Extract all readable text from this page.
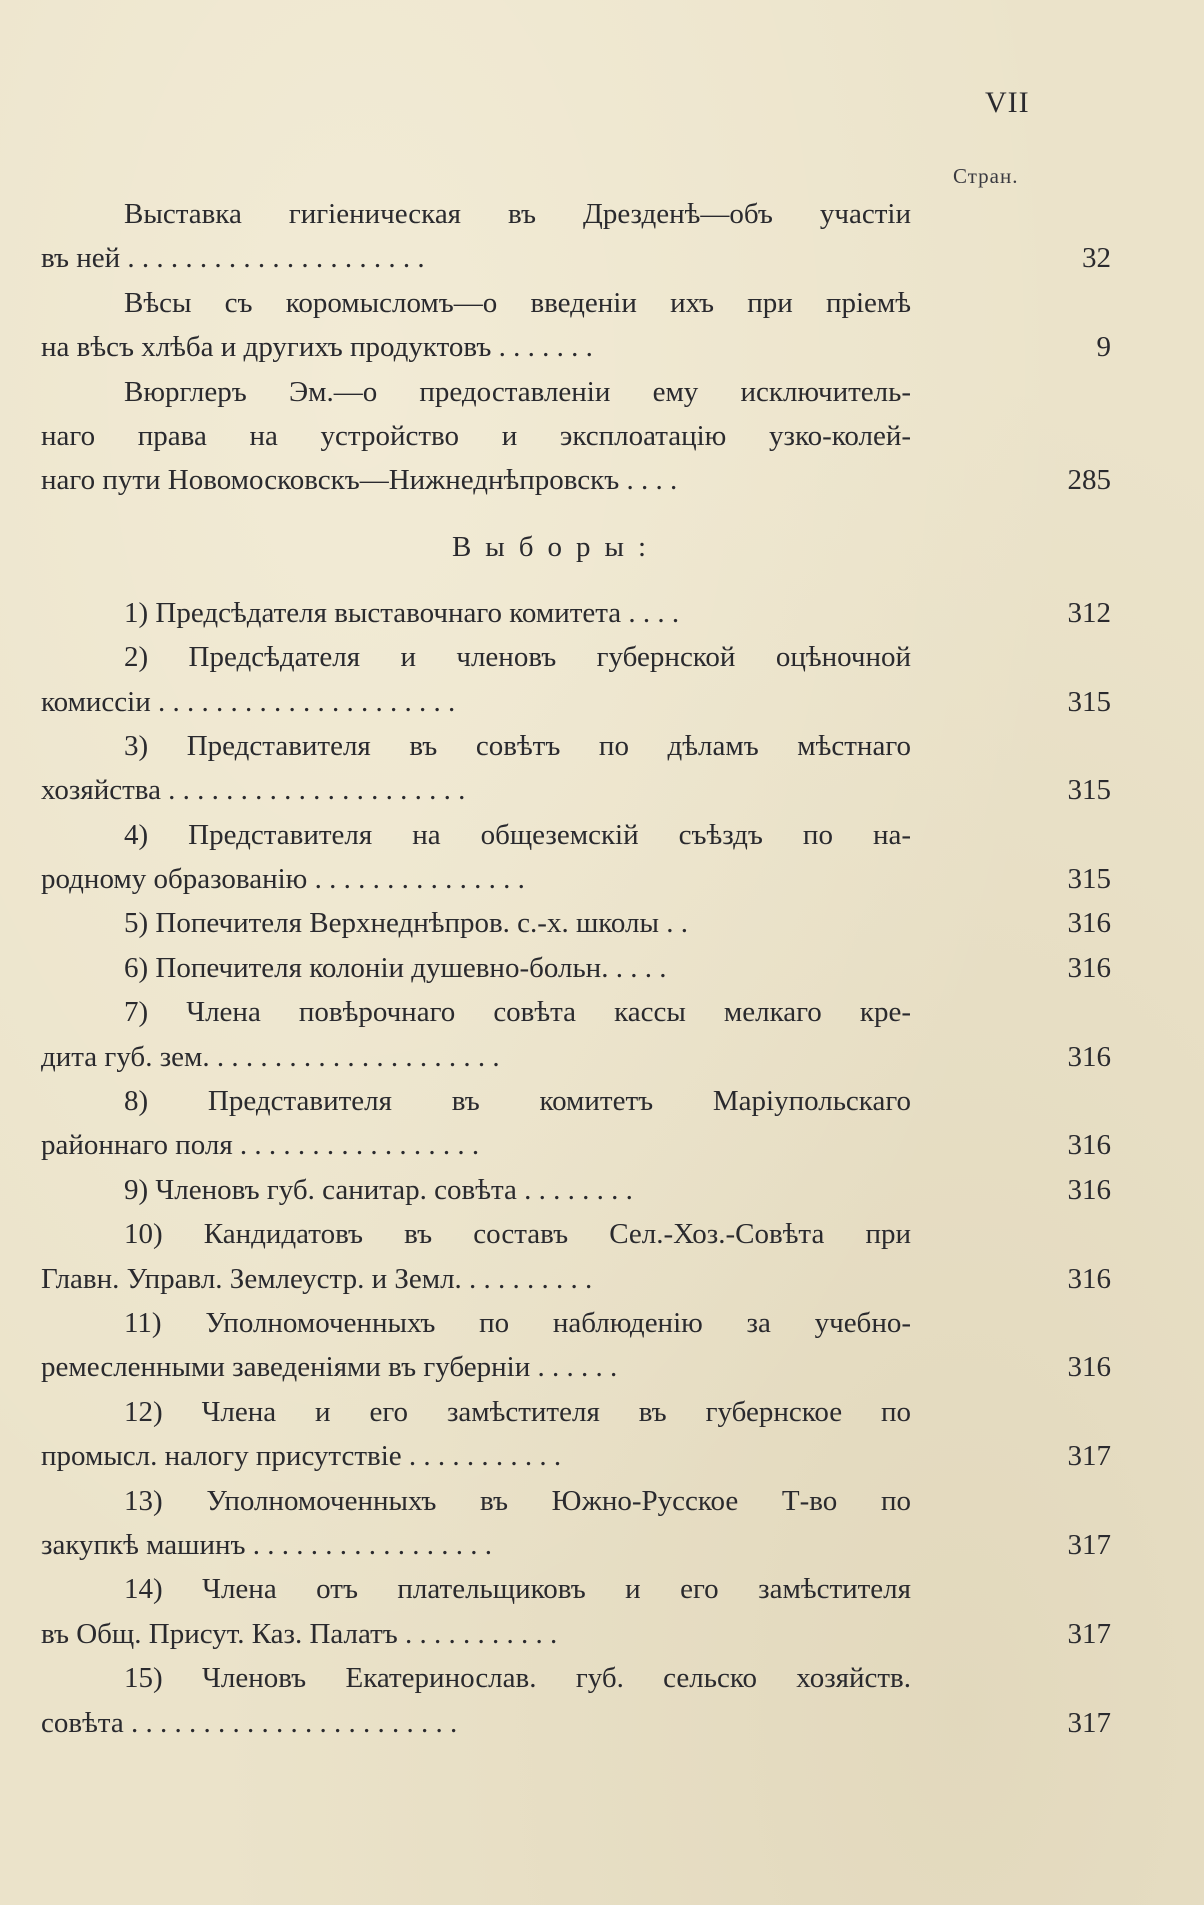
VII
Стран.
Выставка гигіеническая въ Дрезденѣ—объ участіи
въ ней . . . . . . . . . . . . . . . . . . . . .	32
Вѣсы съ коромысломъ—о введеніи ихъ при пріемѣ
на вѣсъ хлѣба и другихъ продуктовъ . . . . . . .	9
Вюрглеръ Эм.—о предоставленіи ему исключитель-
наго права на устройство и эксплоатацію узко-колей-
наго пути Новомосковскъ—Нижнеднѣпровскъ . . . .	285
Выборы:
1) Предсѣдателя выставочнаго комитета . . . .	312
2) Предсѣдателя и членовъ губернской оцѣночной
комиссіи . . . . . . . . . . . . . . . . . . . . .	315
3) Представителя въ совѣтъ по дѣламъ мѣстнаго
хозяйства . . . . . . . . . . . . . . . . . . . . .	315
4) Представителя на общеземскій съѣздъ по на-
родному образованію . . . . . . . . . . . . . . .	315
5) Попечителя Верхнеднѣпров. с.-х. школы . .	316
6) Попечителя колоніи душевно-больн. . . . .	316
7) Члена повѣрочнаго совѣта кассы мелкаго кре-
дита губ. зем. . . . . . . . . . . . . . . . . . . . .	316
8) Представителя въ комитетъ Маріупольскаго
районнаго поля . . . . . . . . . . . . . . . . .	316
9) Членовъ губ. санитар. совѣта . . . . . . . .	316
10) Кандидатовъ въ составъ Сел.-Хоз.-Совѣта при
Главн. Управл. Землеустр. и Земл. . . . . . . . . .	316
11) Уполномоченныхъ по наблюденію за учебно-
ремесленными заведеніями въ губерніи . . . . . .	316
12) Члена и его замѣстителя въ губернское по
промысл. налогу присутствіе . . . . . . . . . . .	317
13) Уполномоченныхъ въ Южно-Русское Т-во по
закупкѣ машинъ . . . . . . . . . . . . . . . . .	317
14) Члена отъ плательщиковъ и его замѣстителя
въ Общ. Присут. Каз. Палатъ . . . . . . . . . . .	317
15) Членовъ Екатеринослав. губ. сельско хозяйств.
совѣта . . . . . . . . . . . . . . . . . . . . . . .	317
